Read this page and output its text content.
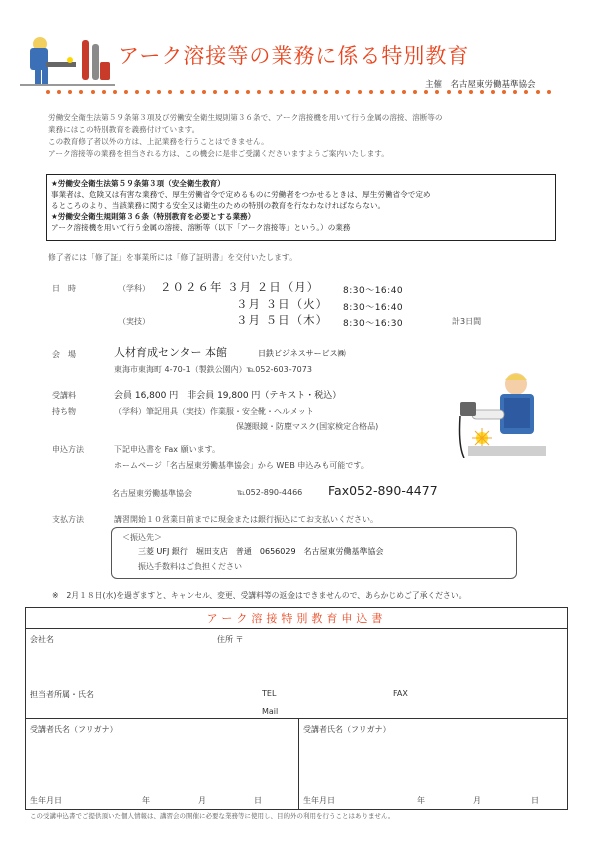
アーク溶接等の業務に係る特別教育
主催　名古屋東労働基準協会
労働安全衛生法第５９条第３項及び労働安全衛生規則第３６条で、アーク溶接機を用いて行う金属の溶接、溶断等の
業務にはこの特別教育を義務付けています。
この教育修了者以外の方は、上記業務を行うことはできません。
アーク溶接等の業務を担当される方は、この機会に是非ご受講くださいますようご案内いたします。
★労働安全衛生法第５９条第３項（安全衛生教育）
事業者は、危険又は有害な業務で、厚生労働省令で定めるものに労働者をつかせるときは、厚生労働省令で定め
るところのより、当該業務に関する安全又は衛生のための特別の教育を行なわなければならない。
★労働安全衛生規則第３６条（特別教育を必要とする業務）
アーク溶接機を用いて行う金属の溶接、溶断等（以下「アーク溶接等」という。）の業務
修了者には「修了証」を事業所には「修了証明書」を交付いたします。
日　時	（学科） ２０２６年 ３月 ２日（月）	8:30～16:40
３月 ３日（火） 8:30～16:40
（実技）	３月 ５日（木） 8:30～16:30	計3日間
会　場	人材育成センター 本館	日鉄ビジネスサービス㈱
東海市東海町 4-70-1（製鉄公園内）℡052-603-7073
受講料	会員 16,800 円　非会員 19,800 円（テキスト・税込）
持ち物	（学科）筆記用具（実技）作業服・安全靴・ヘルメット
保護眼鏡・防塵マスク(国家検定合格品)
申込方法	下記申込書を Fax 願います。
ホームページ「名古屋東労働基準協会」から WEB 申込みも可能です。
名古屋東労働基準協会	℡052-890-4466 Fax052-890-4477
支払方法	講習開始１０営業日前までに現金または銀行振込にてお支払いください。
＜振込先＞
三菱 UFJ 銀行　堀田支店　普通　0656029　名古屋東労働基準協会
振込手数料はご負担ください
※　2月１８日(水)を過ぎますと、キャンセル、変更、受講料等の返金はできませんので、あらかじめご了承ください。
アーク溶接特別教育申込書
会社名	住所 〒
担当者所属・氏名	TEL	FAX
Mail
受講者氏名（フリガナ）	受講者氏名（フリガナ）
生年月日	年	月	日	生年月日	年	月	日
この受講申込書でご提供頂いた個人情報は、講習会の開催に必要な業務等に使用し、目的外の利用を行うことはありません。
